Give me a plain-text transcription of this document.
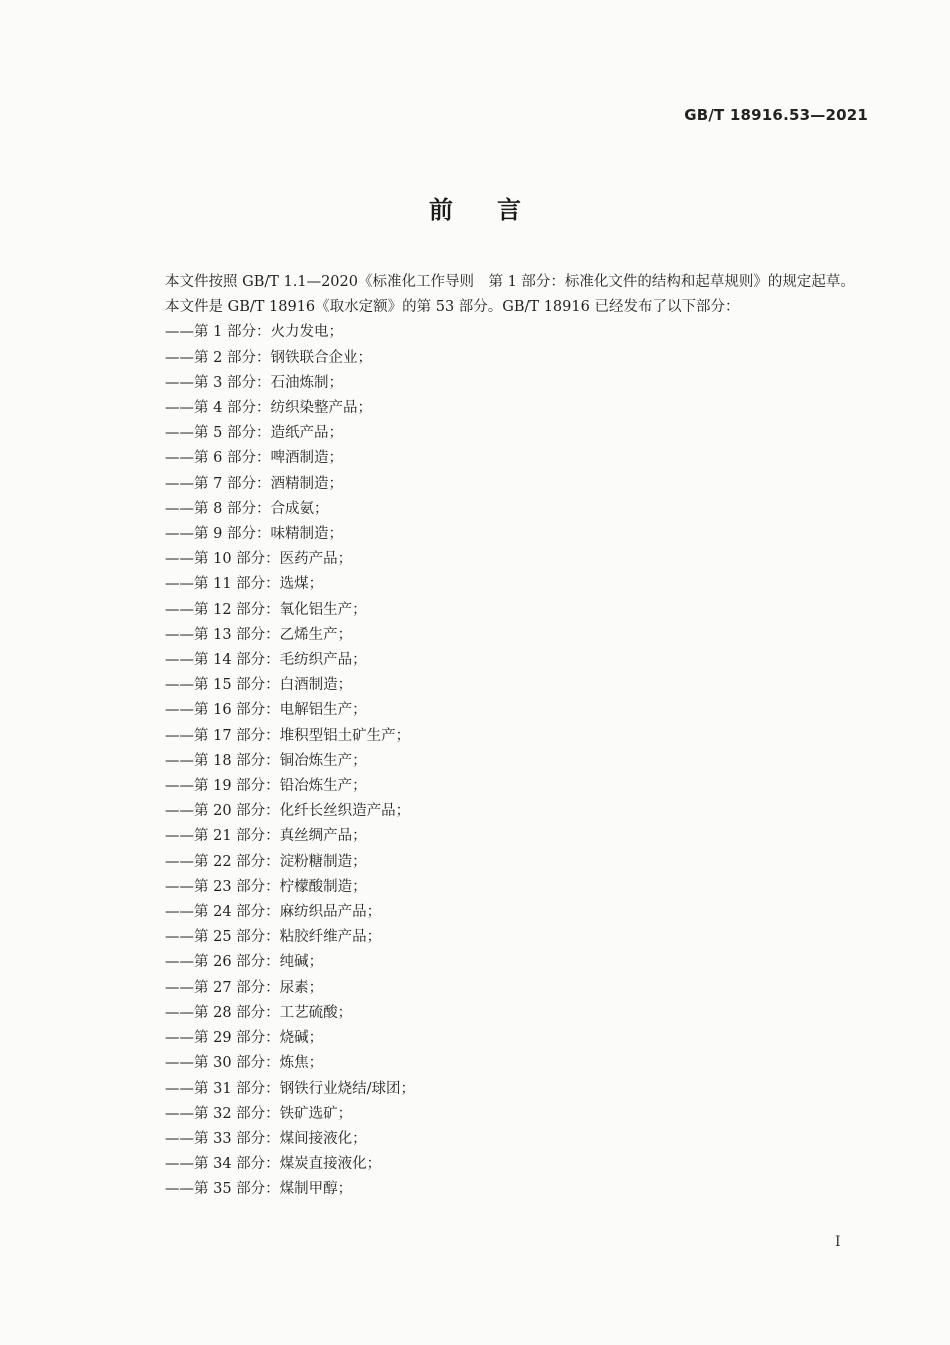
GB/T 18916.53—2021
前言

本文件按照 GB/T 1.1—2020《标准化工作导则　第 1 部分：标准化文件的结构和起草规则》的规定起草。

本文件是 GB/T 18916《取水定额》的第 53 部分。GB/T 18916 已经发布了以下部分：

——第 1 部分：火力发电；
——第 2 部分：钢铁联合企业；
——第 3 部分：石油炼制；
——第 4 部分：纺织染整产品；
——第 5 部分：造纸产品；
——第 6 部分：啤酒制造；
——第 7 部分：酒精制造；
——第 8 部分：合成氨；
——第 9 部分：味精制造；
——第 10 部分：医药产品；
——第 11 部分：选煤；
——第 12 部分：氧化铝生产；
——第 13 部分：乙烯生产；
——第 14 部分：毛纺织产品；
——第 15 部分：白酒制造；
——第 16 部分：电解铝生产；
——第 17 部分：堆积型铝土矿生产；
——第 18 部分：铜冶炼生产；
——第 19 部分：铅冶炼生产；
——第 20 部分：化纤长丝织造产品；
——第 21 部分：真丝绸产品；
——第 22 部分：淀粉糖制造；
——第 23 部分：柠檬酸制造；
——第 24 部分：麻纺织品产品；
——第 25 部分：粘胶纤维产品；
——第 26 部分：纯碱；
——第 27 部分：尿素；
——第 28 部分：工艺硫酸；
——第 29 部分：烧碱；
——第 30 部分：炼焦；
——第 31 部分：钢铁行业烧结/球团；
——第 32 部分：铁矿选矿；
——第 33 部分：煤间接液化；
——第 34 部分：煤炭直接液化；
——第 35 部分：煤制甲醇；
I
